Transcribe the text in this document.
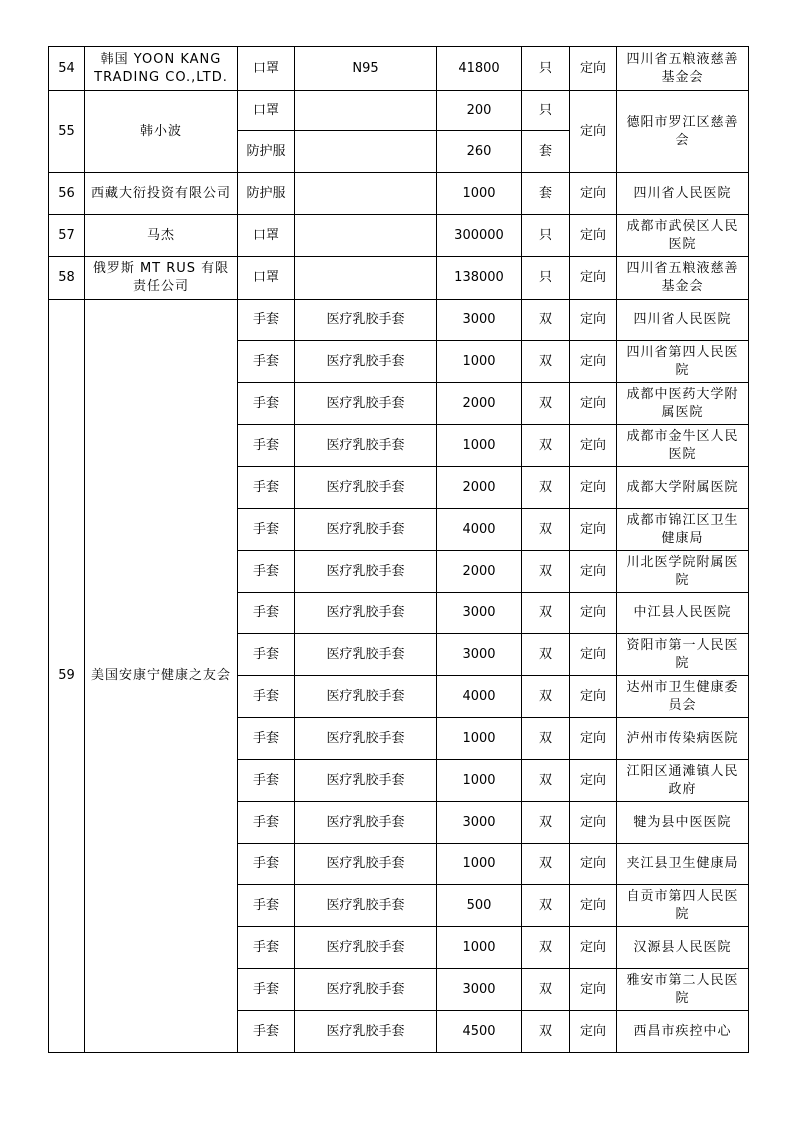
54	韩国 YOON KANG TRADING CO.,LTD.	口罩	N95	41800	只	定向	四川省五粮液慈善基金会
55	韩小波	口罩		200	只	定向	德阳市罗江区慈善会
		防护服		260	套		
56	西藏大衍投资有限公司	防护服		1000	套	定向	四川省人民医院
57	马杰	口罩		300000	只	定向	成都市武侯区人民医院
58	俄罗斯 MT RUS 有限责任公司	口罩		138000	只	定向	四川省五粮液慈善基金会
59	美国安康宁健康之友会	手套	医疗乳胶手套	3000	双	定向	四川省人民医院
		手套	医疗乳胶手套	1000	双	定向	四川省第四人民医院
		手套	医疗乳胶手套	2000	双	定向	成都中医药大学附属医院
		手套	医疗乳胶手套	1000	双	定向	成都市金牛区人民医院
		手套	医疗乳胶手套	2000	双	定向	成都大学附属医院
		手套	医疗乳胶手套	4000	双	定向	成都市锦江区卫生健康局
		手套	医疗乳胶手套	2000	双	定向	川北医学院附属医院
		手套	医疗乳胶手套	3000	双	定向	中江县人民医院
		手套	医疗乳胶手套	3000	双	定向	资阳市第一人民医院
		手套	医疗乳胶手套	4000	双	定向	达州市卫生健康委员会
		手套	医疗乳胶手套	1000	双	定向	泸州市传染病医院
		手套	医疗乳胶手套	1000	双	定向	江阳区通滩镇人民政府
		手套	医疗乳胶手套	3000	双	定向	犍为县中医医院
		手套	医疗乳胶手套	1000	双	定向	夹江县卫生健康局
		手套	医疗乳胶手套	500	双	定向	自贡市第四人民医院
		手套	医疗乳胶手套	1000	双	定向	汉源县人民医院
		手套	医疗乳胶手套	3000	双	定向	雅安市第二人民医院
		手套	医疗乳胶手套	4500	双	定向	西昌市疾控中心
